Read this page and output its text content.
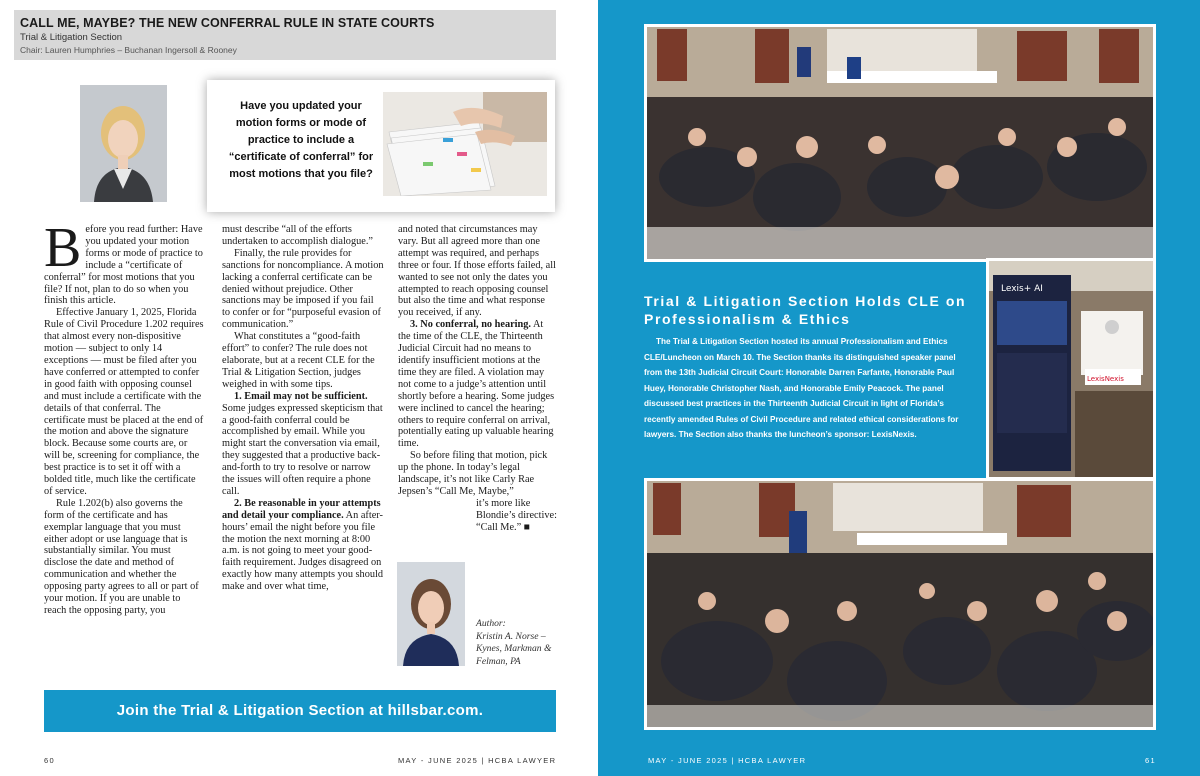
CALL ME, MAYBE? THE NEW CONFERRAL RULE IN STATE COURTS
Trial & Litigation Section
Chair: Lauren Humphries – Buchanan Ingersoll & Rooney
Have you updated your motion forms or mode of practice to include a “certificate of conferral” for most motions that you file?

Before you read further: Have you updated your motion forms or mode of practice to include a “certificate of conferral” for most motions that you file? If not, plan to do so when you finish this article.

Effective January 1, 2025, Florida Rule of Civil Procedure 1.202 requires that almost every non-dispositive motion — subject to only 14 exceptions — must be filed after you have conferred or attempted to confer in good faith with opposing counsel and must include a certificate with the details of that conferral. The certificate must be placed at the end of the motion and above the signature block. Because some courts are, or will be, screening for compliance, the best practice is to set it off with a bolded title, much like the certificate of service.

Rule 1.202(b) also governs the form of the certificate and has exemplar language that you must either adopt or use language that is substantially similar. You must disclose the date and method of communication and whether the opposing party agrees to all or part of your motion. If you are unable to reach the opposing party, you

must describe “all of the efforts undertaken to accomplish dialogue.”

Finally, the rule provides for sanctions for noncompliance. A motion lacking a conferral certificate can be denied without prejudice. Other sanctions may be imposed if you fail to confer or for “purposeful evasion of communication.”

What constitutes a “good-faith effort” to confer? The rule does not elaborate, but at a recent CLE for the Trial & Litigation Section, judges weighed in with some tips.

1. Email may not be sufficient. Some judges expressed skepticism that a good-faith conferral could be accomplished by email. While you might start the conversation via email, they suggested that a productive back-and-forth to try to resolve or narrow the issues will often require a phone call.

2. Be reasonable in your attempts and detail your compliance. An after-hours’ email the night before you file the motion the next morning at 8:00 a.m. is not going to meet your good-faith requirement. Judges disagreed on exactly how many attempts you should make and over what time,

and noted that circumstances may vary. But all agreed more than one attempt was required, and perhaps three or four. If those efforts failed, all wanted to see not only the dates you attempted to reach opposing counsel but also the time and what response you received, if any.

3. No conferral, no hearing. At the time of the CLE, the Thirteenth Judicial Circuit had no means to identify insufficient motions at the time they are filed. A violation may not come to a judge’s attention until shortly before a hearing. Some judges were inclined to cancel the hearing; others to require conferral on arrival, potentially eating up valuable hearing time.

So before filing that motion, pick up the phone. In today’s legal landscape, it’s not like Carly Rae Jepsen’s “Call Me, Maybe,”

it’s more like Blondie’s directive: “Call Me.” ■

Author:
Kristin A. Norse –
Kynes, Markman & Felman, PA
Join the Trial & Litigation Section at hillsbar.com.
60	MAY - JUNE 2025 | HCBA LAWYER
Trial & Litigation Section Holds CLE on Professionalism & Ethics
The Trial & Litigation Section hosted its annual Professionalism and Ethics CLE/Luncheon on March 10. The Section thanks its distinguished speaker panel from the 13th Judicial Circuit Court: Honorable Darren Farfante, Honorable Paul Huey, Honorable Christopher Nash, and Honorable Emily Peacock. The panel discussed best practices in the Thirteenth Judicial Circuit in light of Florida’s recently amended Rules of Civil Procedure and related ethical considerations for lawyers. The Section also thanks the luncheon’s sponsor: LexisNexis.
Lexis+ AI
LexisNexis
MAY - JUNE 2025 | HCBA LAWYER	61
